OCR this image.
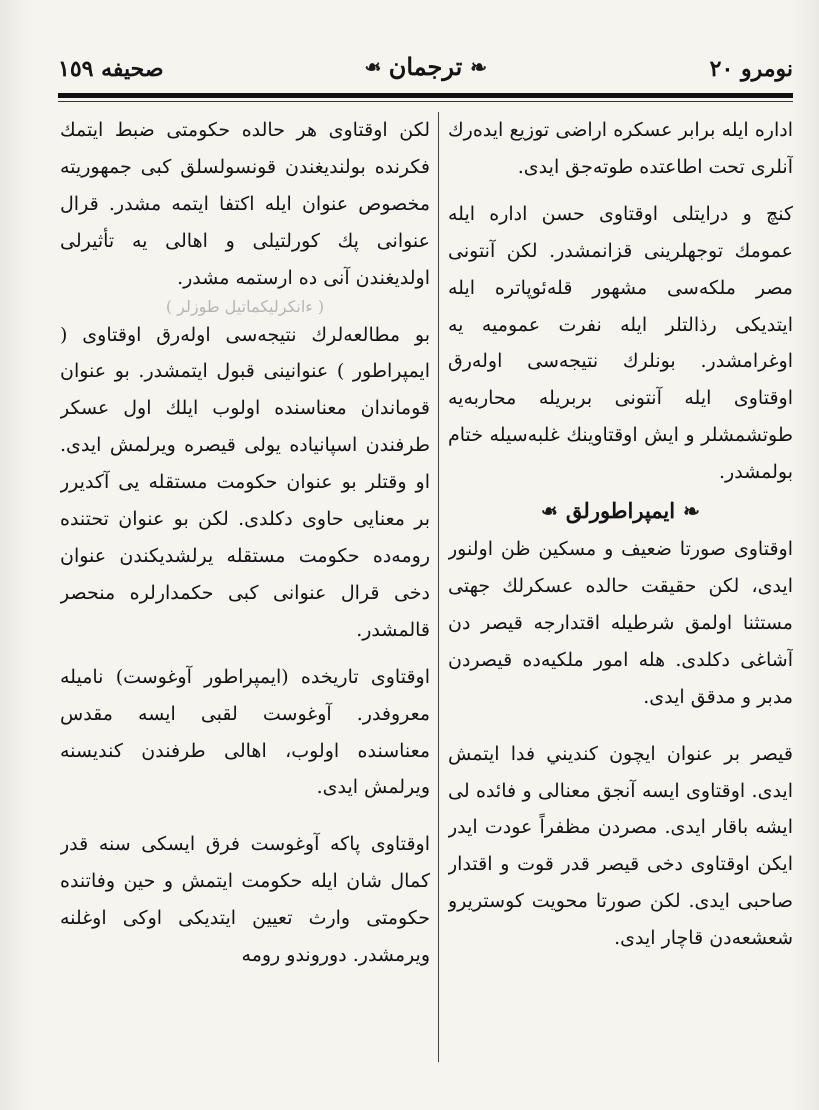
نومرو ٢٠
❧
ترجمان
❧
صحيفه ١٥٩

اداره ايله برابر عسكره اراضى توزيع ايده‌رك آنلرى تحت اطاعتده طوته‌جق ايدى.

كنچ و درايتلى اوقتاوى حسن اداره ايله عمومك توجهلرينى قزانمشدر. لكن آنتونى مصر ملكه‌سى مشهور قله‌ئوپاتره ايله ايتديكى رذالتلر ايله نفرت عموميه يه اوغرامشدر. بونلرك نتيجه‌سى اوله‌رق اوقتاوى ايله آنتونى بربريله محاربه‌يه طوتشمشلر و ايش اوقتاوينك غلبه‌سيله ختام بولمشدر.

❧
ايمپراطورلق
❧

اوقتاوى صورتا ضعيف و مسكين ظن اولنور ايدى، لكن حقيقت حالده عسكرلك جهتى مستثنا اولمق شرطيله اقتدارجه قيصر دن آشاغى دكلدى. هله امور ملكيه‌ده قيصردن مدبر و مدقق ايدى.

قيصر بر عنوان ايچون كنديني فدا ايتمش ايدى. اوقتاوى ايسه آنجق معنالى و فائده لى ايشه باقار ايدى. مصردن مظفراً عودت ايدر ايكن اوقتاوى دخى قيصر قدر قوت و اقتدار صاحبى ايدى. لكن صورتا محويت كوستريرو شعشعه‌دن قاچار ايدى.

لكن اوقتاوى هر حالده حكومتى ضبط ايتمك فكرنده بولنديغندن قونسولسلق كبى جمهوريته مخصوص عنوان ايله اكتفا ايتمه مشدر. قرال عنوانى پك كورلتيلى و اهالى يه تأثيرلى اولديغندن آنى ده ارستمه مشدر.

( ءانكرليكماتيل طوزلر )

بو مطالعه‌لرك نتيجه‌سى اوله‌رق اوقتاوى ( ايمپراطور ) عنوانينى قبول ايتمشدر. بو عنوان قوماندان معناسنده اولوب ايلك اول عسكر طرفندن اسپانياده يولى قيصره ويرلمش ايدى. او وقتلر بو عنوان حكومت مستقله يى آكديرر بر معنايى حاوى دكلدى. لكن بو عنوان تحتنده رومه‌ده حكومت مستقله يرلشديكندن عنوان دخى قرال عنوانى كبى حكمدارلره منحصر قالمشدر.

اوقتاوى تاريخده (ايمپراطور آوغوست) ناميله معروفدر. آوغوست لقبى ايسه مقدس معناسنده اولوب، اهالى طرفندن كنديسنه ويرلمش ايدى.

اوقتاوى پاكه آوغوست فرق ايسكى سنه قدر كمال شان ايله حكومت ايتمش و حين وفاتنده حكومتى وارث تعيين ايتديكى اوكى اوغلنه ويرمشدر. دوروندو رومه
